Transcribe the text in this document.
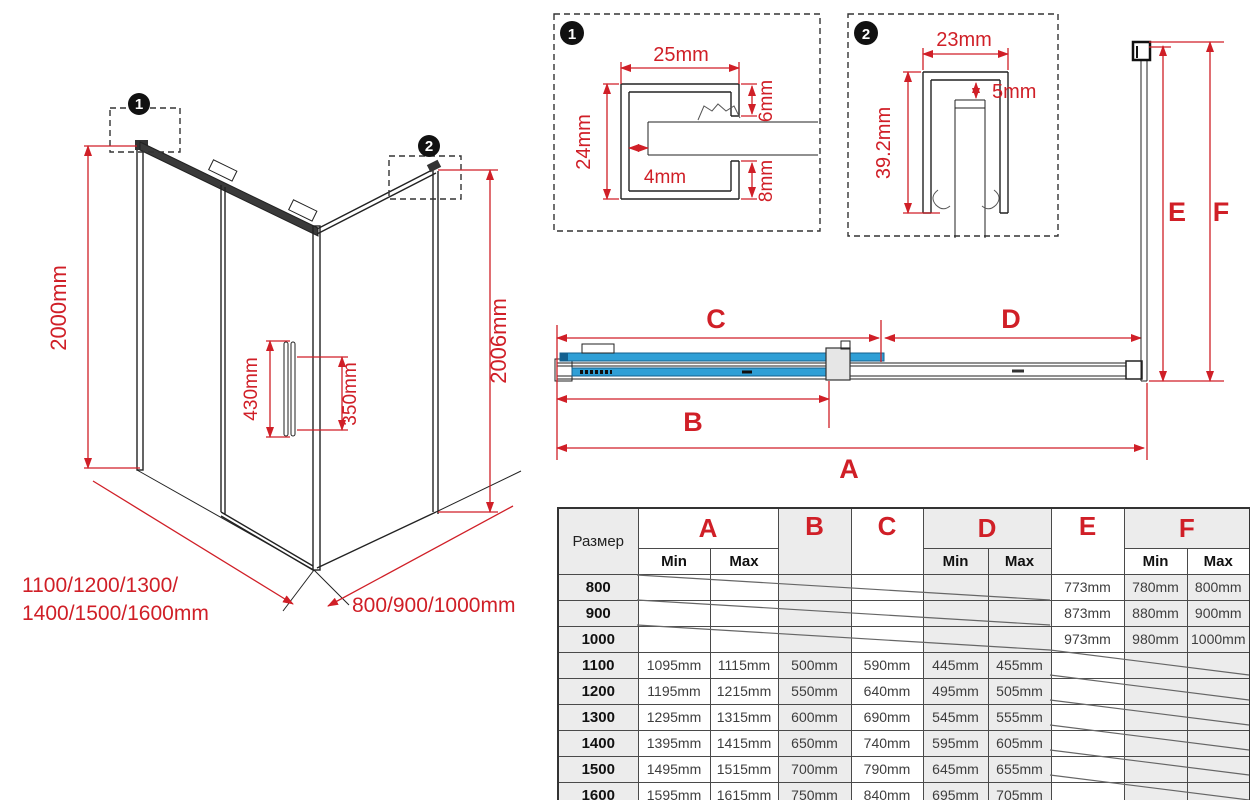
1
2
2000mm	2006mm
430mm	350mm
1100/1200/1300/
1400/1500/1600mm	800/900/1000mm
1
25mm
24mm
4mm
6mm
8mm
2	23mm
5mm
39.2mm
C	D
B
A
E F
Размер	A		B	C	D		E	F	
	Min	Max			Min	Max		Min	Max
800							773mm	780mm	800mm
900							873mm	880mm	900mm
1000							973mm	980mm	1000mm
1100	1095mm	1115mm	500mm	590mm	445mm	455mm			
1200	1195mm	1215mm	550mm	640mm	495mm	505mm			
1300	1295mm	1315mm	600mm	690mm	545mm	555mm			
1400	1395mm	1415mm	650mm	740mm	595mm	605mm			
1500	1495mm	1515mm	700mm	790mm	645mm	655mm			
1600	1595mm	1615mm	750mm	840mm	695mm	705mm			
